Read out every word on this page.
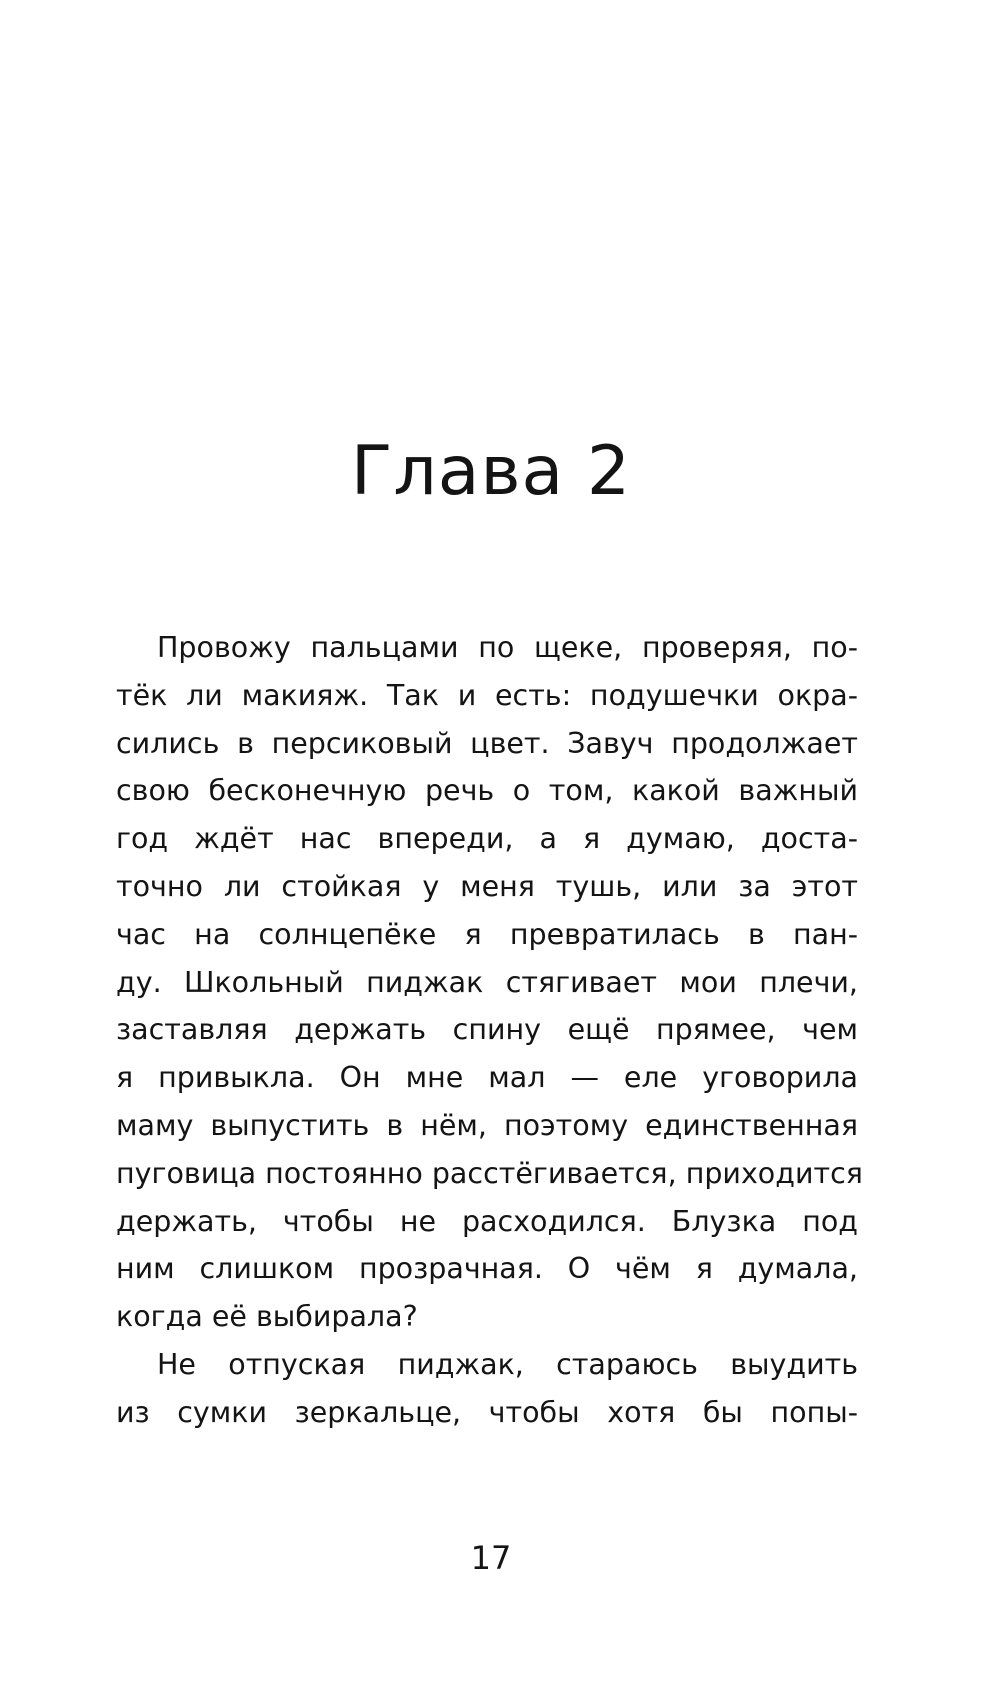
Глава 2
Провожу пальцами по щеке, проверяя, по-
тёк ли макияж. Так и есть: подушечки окра-
сились в персиковый цвет. Завуч продолжает
свою бесконечную речь о том, какой важный
год ждёт нас впереди, а я думаю, доста-
точно ли стойкая у меня тушь, или за этот
час на солнцепёке я превратилась в пан-
ду. Школьный пиджак стягивает мои плечи,
заставляя держать спину ещё прямее, чем
я привыкла. Он мне мал — еле уговорила
маму выпустить в нём, поэтому единственная
пуговица постоянно расстёгивается, приходится
держать, чтобы не расходился. Блузка под
ним слишком прозрачная. О чём я думала,
когда её выбирала?
Не отпуская пиджак, стараюсь выудить
из сумки зеркальце, чтобы хотя бы попы-
17
